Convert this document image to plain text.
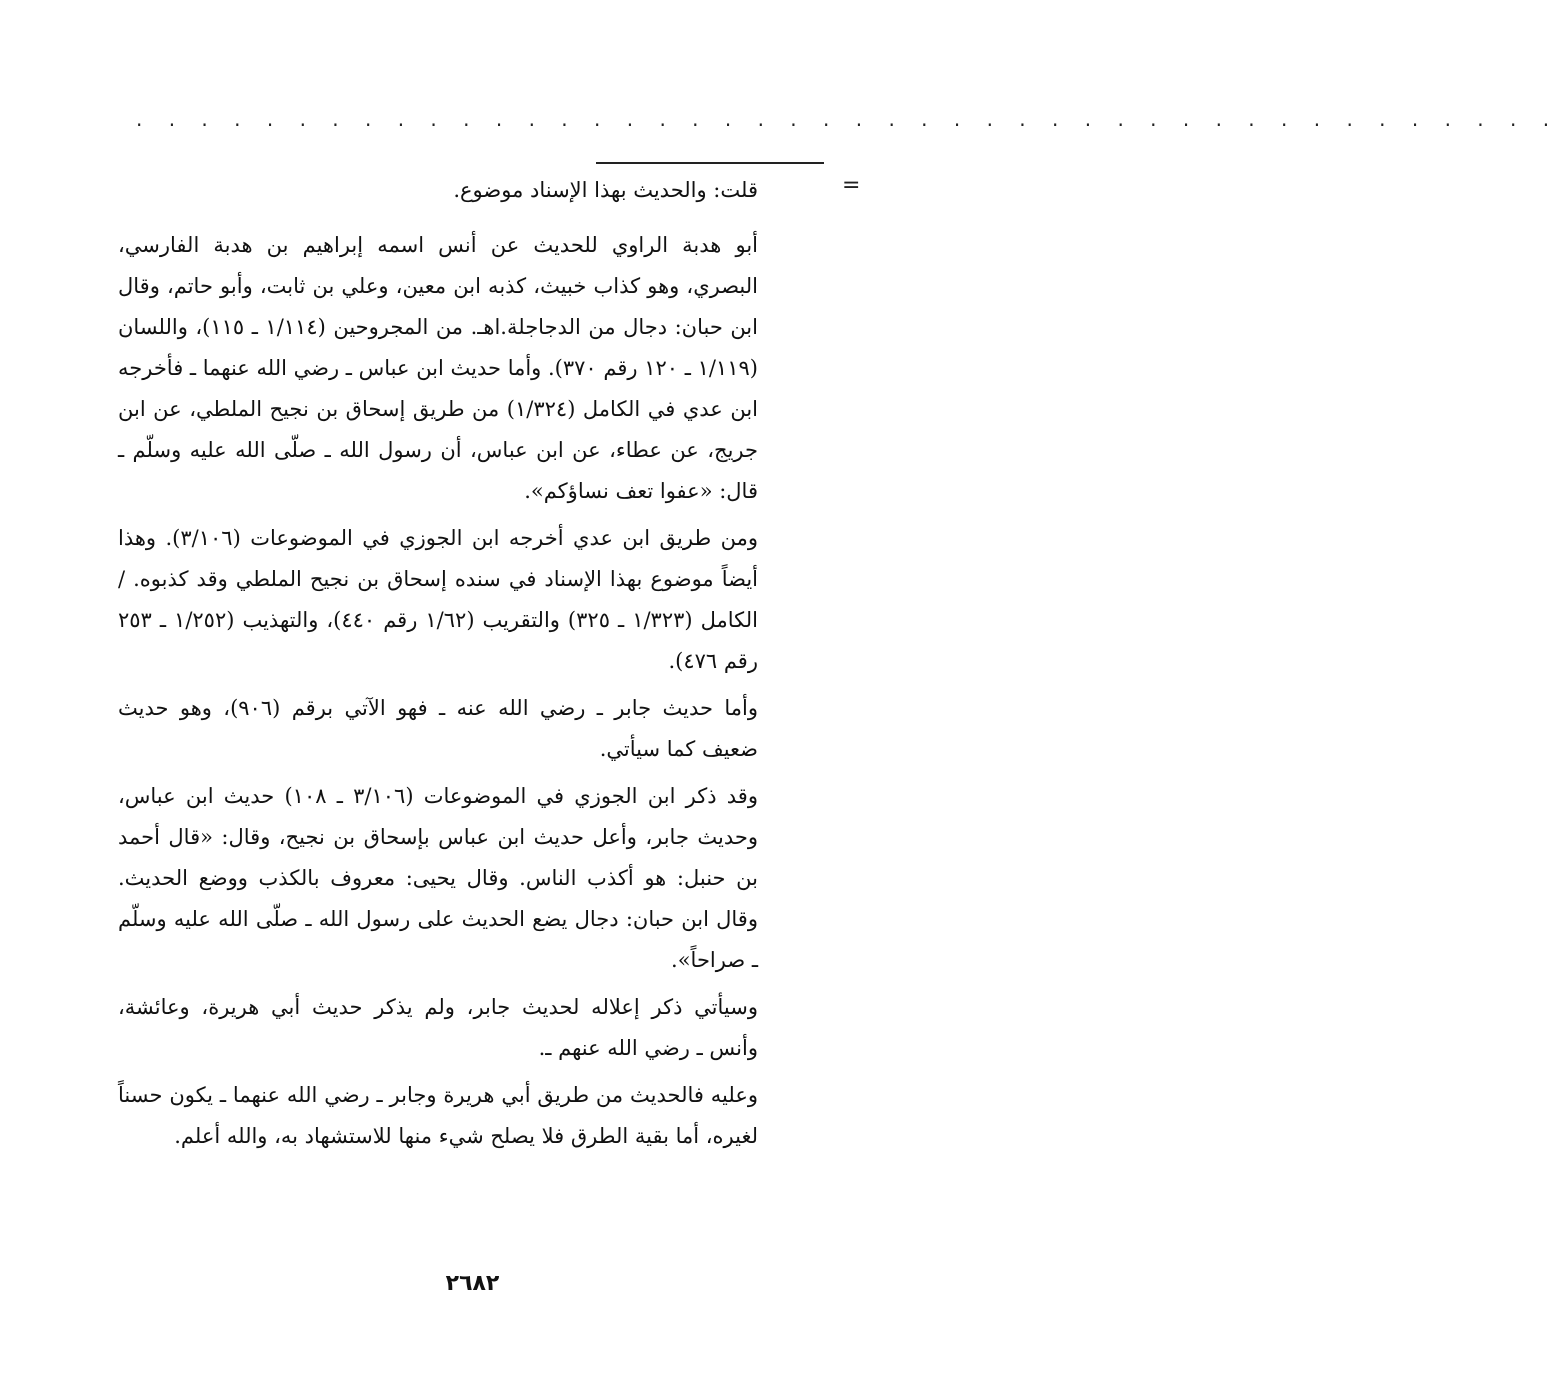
· · · · · · · · · · · · · · · · · · · · · · · · · · · · · · · · · · · · · · · · · · · ·
=

قلت: والحديث بهذا الإسناد موضوع.

أبو هدبة الراوي للحديث عن أنس اسمه إبراهيم بن هدبة الفارسي، البصري، وهو كذاب خبيث، كذبه ابن معين، وعلي بن ثابت، وأبو حاتم، وقال ابن حبان: دجال من الدجاجلة.اهـ. من المجروحين (١/١١٤ ـ ١١٥)، واللسان (١/١١٩ ـ ١٢٠ رقم ٣٧٠). وأما حديث ابن عباس ـ رضي الله عنهما ـ فأخرجه ابن عدي في الكامل (١/٣٢٤) من طريق إسحاق بن نجيح الملطي، عن ابن جريج، عن عطاء، عن ابن عباس، أن رسول الله ـ صلّى الله عليه وسلّم ـ قال: «عفوا تعف نساؤكم».

ومن طريق ابن عدي أخرجه ابن الجوزي في الموضوعات (٣/١٠٦). وهذا أيضاً موضوع بهذا الإسناد في سنده إسحاق بن نجيح الملطي وقد كذبوه. / الكامل (١/٣٢٣ ـ ٣٢٥) والتقريب (١/٦٢ رقم ٤٤٠)، والتهذيب (١/٢٥٢ ـ ٢٥٣ رقم ٤٧٦).

وأما حديث جابر ـ رضي الله عنه ـ فهو الآتي برقم (٩٠٦)، وهو حديث ضعيف كما سيأتي.

وقد ذكر ابن الجوزي في الموضوعات (٣/١٠٦ ـ ١٠٨) حديث ابن عباس، وحديث جابر، وأعل حديث ابن عباس بإسحاق بن نجيح، وقال: «قال أحمد بن حنبل: هو أكذب الناس. وقال يحيى: معروف بالكذب ووضع الحديث. وقال ابن حبان: دجال يضع الحديث على رسول الله ـ صلّى الله عليه وسلّم ـ صراحاً».

وسيأتي ذكر إعلاله لحديث جابر، ولم يذكر حديث أبي هريرة، وعائشة، وأنس ـ رضي الله عنهم ـ.

وعليه فالحديث من طريق أبي هريرة وجابر ـ رضي الله عنهما ـ يكون حسناً لغيره، أما بقية الطرق فلا يصلح شيء منها للاستشهاد به، والله أعلم.

٢٦٨٢
